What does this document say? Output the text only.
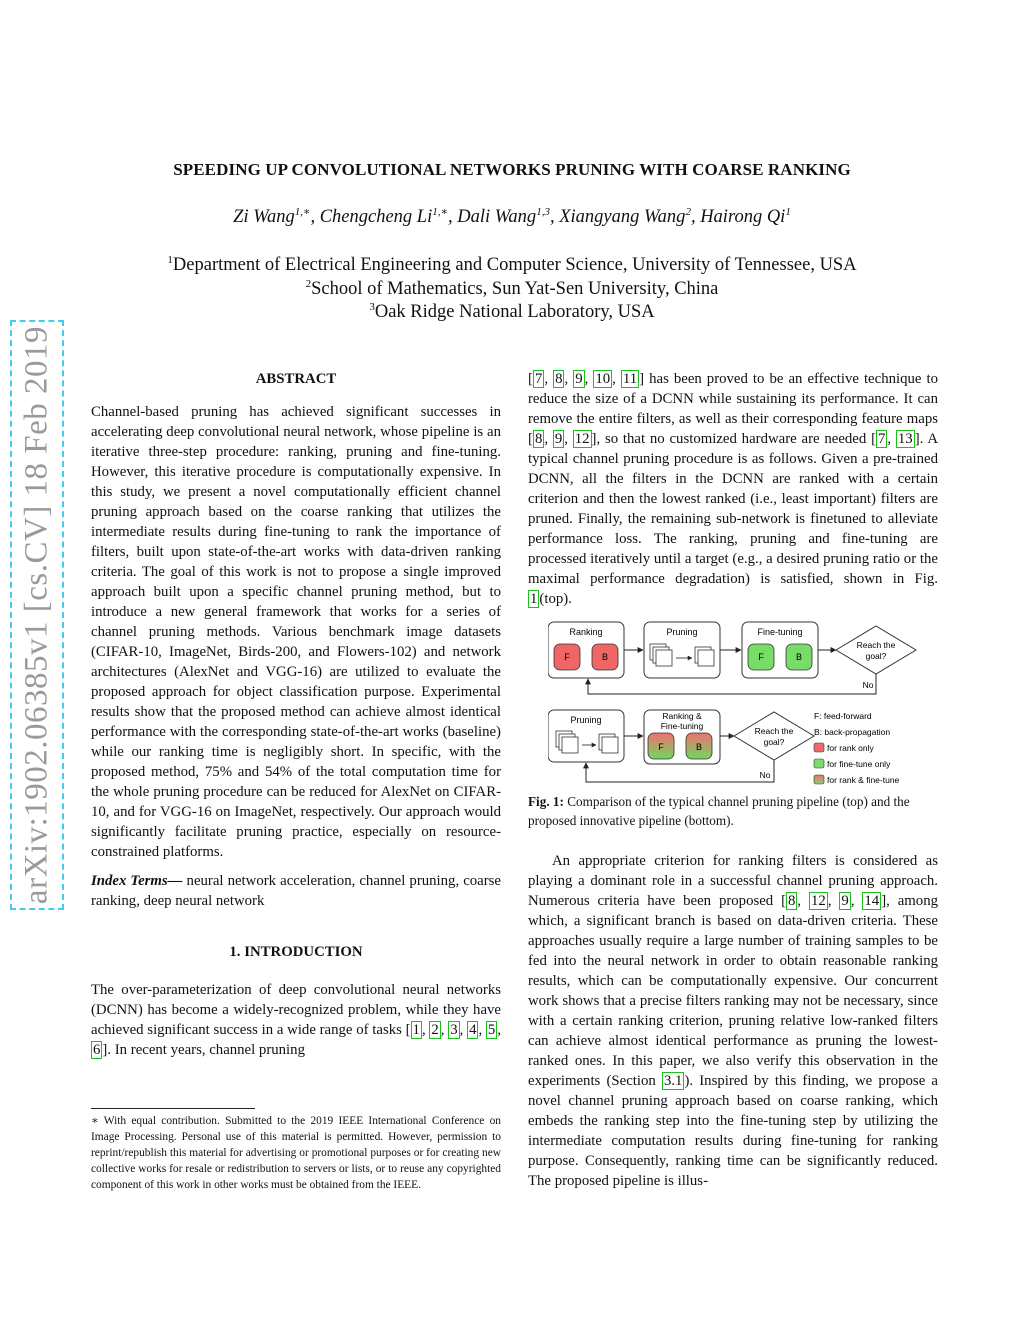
arXiv:1902.06385v1 [cs.CV] 18 Feb 2019
SPEEDING UP CONVOLUTIONAL NETWORKS PRUNING WITH COARSE RANKING
Zi Wang$^{1,∗}$, Chengcheng $Li^{1,∗}$, Dali Wang$^{1,3}$, Xiangyang Wang$^2$, Hairong Qi$^1$
$^1$Department of Electrical Engineering and Computer Science, University of Tennessee, USA
$^2$School of Mathematics, Sun Yat-Sen University, China
$^3$Oak Ridge National Laboratory, USA
ABSTRACT

Channel-based pruning has achieved significant successes in accelerating deep convolutional neural network, whose pipeline is an iterative three-step procedure: ranking, pruning and fine-tuning. However, this iterative procedure is computationally expensive. In this study, we present a novel computationally efficient channel pruning approach based on the coarse ranking that utilizes the intermediate results during fine-tuning to rank the importance of filters, built upon state-of-the-art works with data-driven ranking criteria. The goal of this work is not to propose a single improved approach built upon a specific channel pruning method, but to introduce a new general framework that works for a series of channel pruning methods. Various benchmark image datasets (CIFAR-10, ImageNet, Birds-200, and Flowers-102) and network architectures (AlexNet and VGG-16) are utilized to evaluate the proposed approach for object classification purpose. Experimental results show that the proposed method can achieve almost identical performance with the corresponding state-of-the-art works (baseline) while our ranking time is negligibly short. In specific, with the proposed method, 75% and 54% of the total computation time for the whole pruning procedure can be reduced for AlexNet on CIFAR-10, and for VGG-16 on ImageNet, respectively. Our approach would significantly facilitate pruning practice, especially on resource-constrained platforms.

Index Terms— neural network acceleration, channel pruning, coarse ranking, deep neural network

1. INTRODUCTION

The over-parameterization of deep convolutional neural networks (DCNN) has become a widely-recognized problem, while they have achieved significant success in a wide range of tasks [ 1 , 2 , 3 , 4 , 5 , 6 ]. In recent years, channel pruning

∗ With equal contribution. Submitted to the 2019 IEEE International Conference on Image Processing. Personal use of this material is permitted. However, permission to reprint/republish this material for advertising or promotional purposes or for creating new collective works for resale or redistribution to servers or lists, or to reuse any copyrighted component of this work in other works must be obtained from the IEEE.

[ 7 , 8 , 9 , 10 , 11 ] has been proved to be an effective technique to reduce the size of a DCNN while sustaining its performance. It can remove the entire filters, as well as their corresponding feature maps [ 8 , 9 , 12 ], so that no customized hardware are needed [ 7 , 13 ]. A typical channel pruning procedure is as follows. Given a pre-trained DCNN, all the filters in the DCNN are ranked with a certain criterion and then the lowest ranked (i.e., least important) filters are pruned. Finally, the remaining sub-network is finetuned to alleviate performance loss. The ranking, pruning and fine-tuning are processed iteratively until a target (e.g., a desired pruning ratio or the maximal performance degradation) is satisfied, shown in Fig. 1 (top).

Ranking
F	B
Pruning	Fine-tuning
F	B
Reach the
goal?
No
Pruning	Ranking &
Fine-tuning
F	B
Reach the
goal?
No
F: feed-forward
B: back-propagation
for rank only
for fine-tune only
for rank & fine-tune
Fig. 1: Comparison of the typical channel pruning pipeline (top) and the proposed innovative pipeline (bottom).

An appropriate criterion for ranking filters is considered as playing a dominant role in a successful channel pruning approach. Numerous criteria have been proposed [ 8 , 12 , 9 , 14 ], among which, a significant branch is based on data-driven criteria. These approaches usually require a large number of training samples to be fed into the neural network in order to obtain reasonable ranking results, which can be computationally expensive. Our concurrent work shows that a precise filters ranking may not be necessary, since with a certain ranking criterion, pruning relative low-ranked filters can achieve almost identical performance as pruning the lowest-ranked ones. In this paper, we also verify this observation in the experiments (Section 3.1 ). Inspired by this finding, we propose a novel channel pruning approach based on coarse ranking, which embeds the ranking step into the fine-tuning step by utilizing the intermediate computation results during fine-tuning for ranking purpose. Consequently, ranking time can be significantly reduced. The proposed pipeline is illus-
